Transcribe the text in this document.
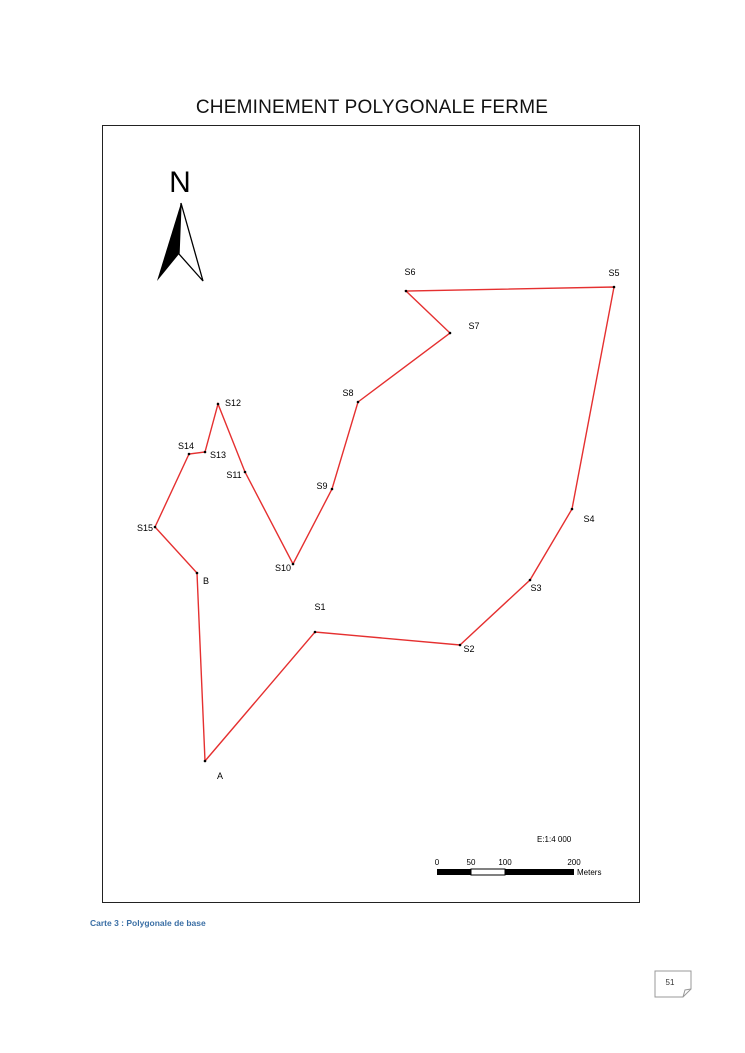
CHEMINEMENT POLYGONALE FERME
N
A
S1
S2
S3
S4
S5
S6
S7
S8
S9
S10
S11
S12
S13
S14
S15
B
E:1:4 000
0	50	100	200
Meters
Carte 3 : Polygonale de base
51
